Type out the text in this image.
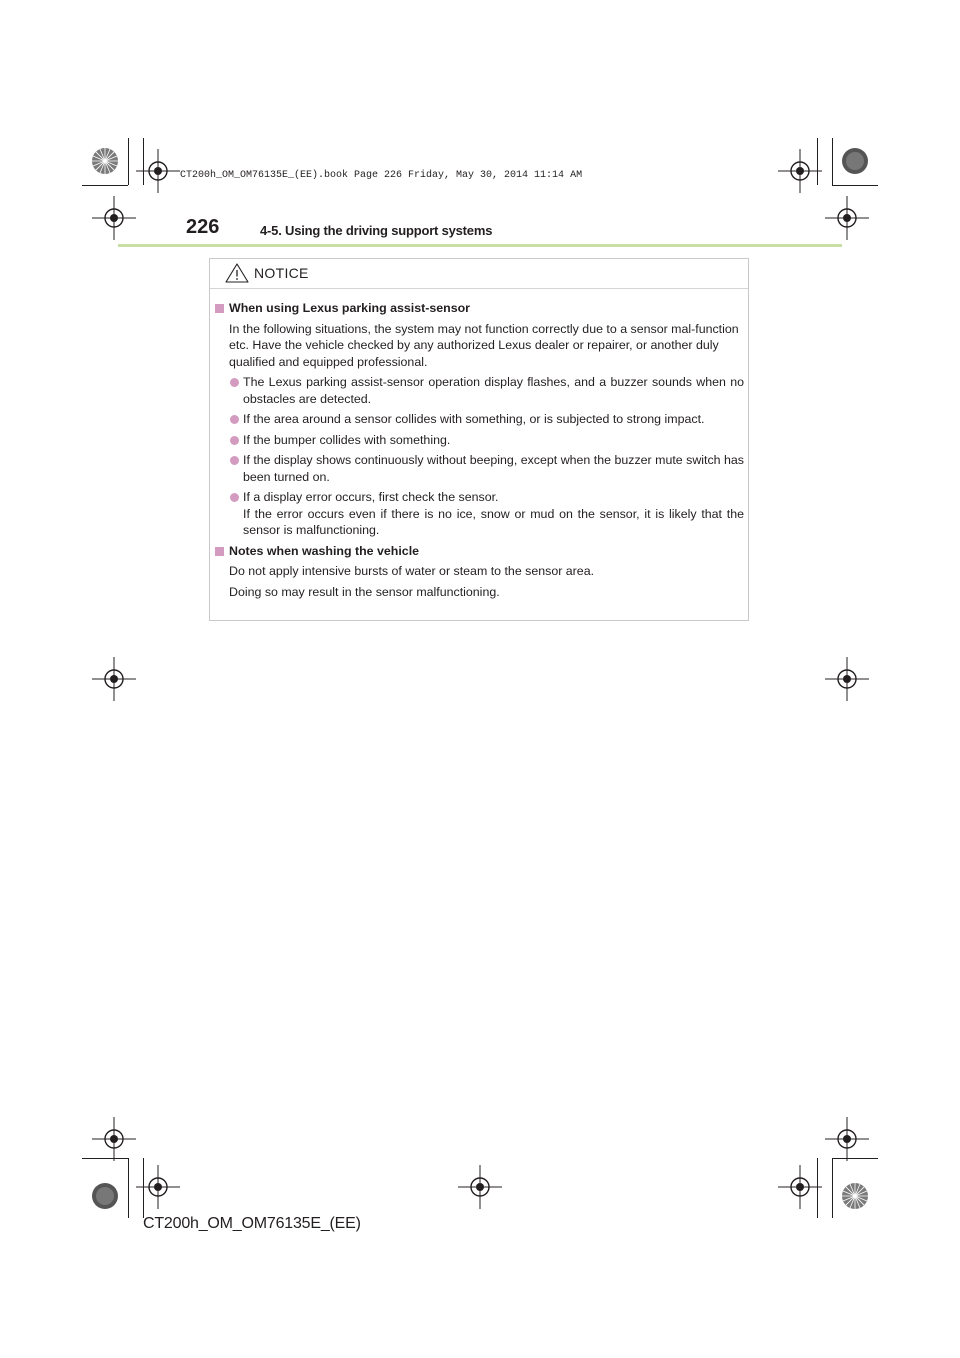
CT200h_OM_OM76135E_(EE).book Page 226 Friday, May 30, 2014 11:14 AM
226	4-5. Using the driving support systems
NOTICE
When using Lexus parking assist-sensor
In the following situations, the system may not function correctly due to a sensor mal-function etc. Have the vehicle checked by any authorized Lexus dealer or repairer, or another duly qualified and equipped professional.
The Lexus parking assist-sensor operation display flashes, and a buzzer sounds when no obstacles are detected.
If the area around a sensor collides with something, or is subjected to strong impact.
If the bumper collides with something.
If the display shows continuously without beeping, except when the buzzer mute switch has been turned on.
If a display error occurs, first check the sensor.
If the error occurs even if there is no ice, snow or mud on the sensor, it is likely that the sensor is malfunctioning.
Notes when washing the vehicle
Do not apply intensive bursts of water or steam to the sensor area.
Doing so may result in the sensor malfunctioning.
CT200h_OM_OM76135E_(EE)
